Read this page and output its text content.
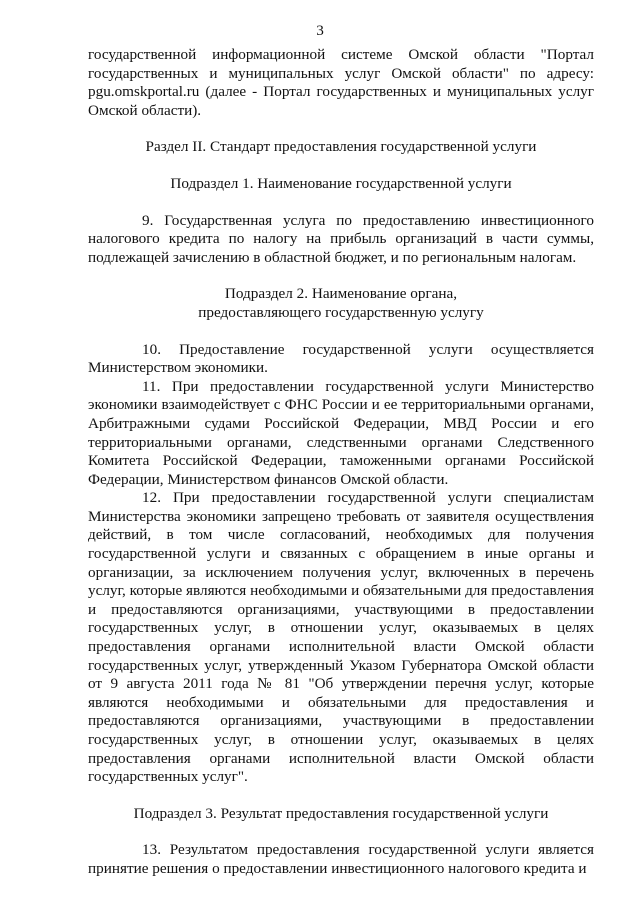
3

государственной информационной системе Омской области "Портал государственных и муниципальных услуг Омской области" по адресу: pgu.omskportal.ru (далее - Портал государственных и муниципальных услуг Омской области).

Раздел II. Стандарт предоставления государственной услуги

Подраздел 1. Наименование государственной услуги

9. Государственная услуга по предоставлению инвестиционного налогового кредита по налогу на прибыль организаций в части суммы, подлежащей зачислению в областной бюджет, и по региональным налогам.

Подраздел 2. Наименование органа,

предоставляющего государственную услугу

10. Предоставление государственной услуги осуществляется Министерством экономики.

11. При предоставлении государственной услуги Министерство экономики взаимодействует с ФНС России и ее территориальными органами, Арбитражными судами Российской Федерации, МВД России и его территориальными органами, следственными органами Следственного Комитета Российской Федерации, таможенными органами Российской Федерации, Министерством финансов Омской области.

12. При предоставлении государственной услуги специалистам Министерства экономики запрещено требовать от заявителя осуществления действий, в том числе согласований, необходимых для получения государственной услуги и связанных с обращением в иные органы и организации, за исключением получения услуг, включенных в перечень услуг, которые являются необходимыми и обязательными для предоставления и предоставляются организациями, участвующими в предоставлении государственных услуг, в отношении услуг, оказываемых в целях предоставления органами исполнительной власти Омской области государственных услуг, утвержденный Указом Губернатора Омской области от 9 августа 2011 года № 81 "Об утверждении перечня услуг, которые являются необходимыми и обязательными для предоставления и предоставляются организациями, участвующими в предоставлении государственных услуг, в отношении услуг, оказываемых в целях предоставления органами исполнительной власти Омской области государственных услуг".

Подраздел 3. Результат предоставления государственной услуги

13. Результатом предоставления государственной услуги является принятие решения о предоставлении инвестиционного налогового кредита и
